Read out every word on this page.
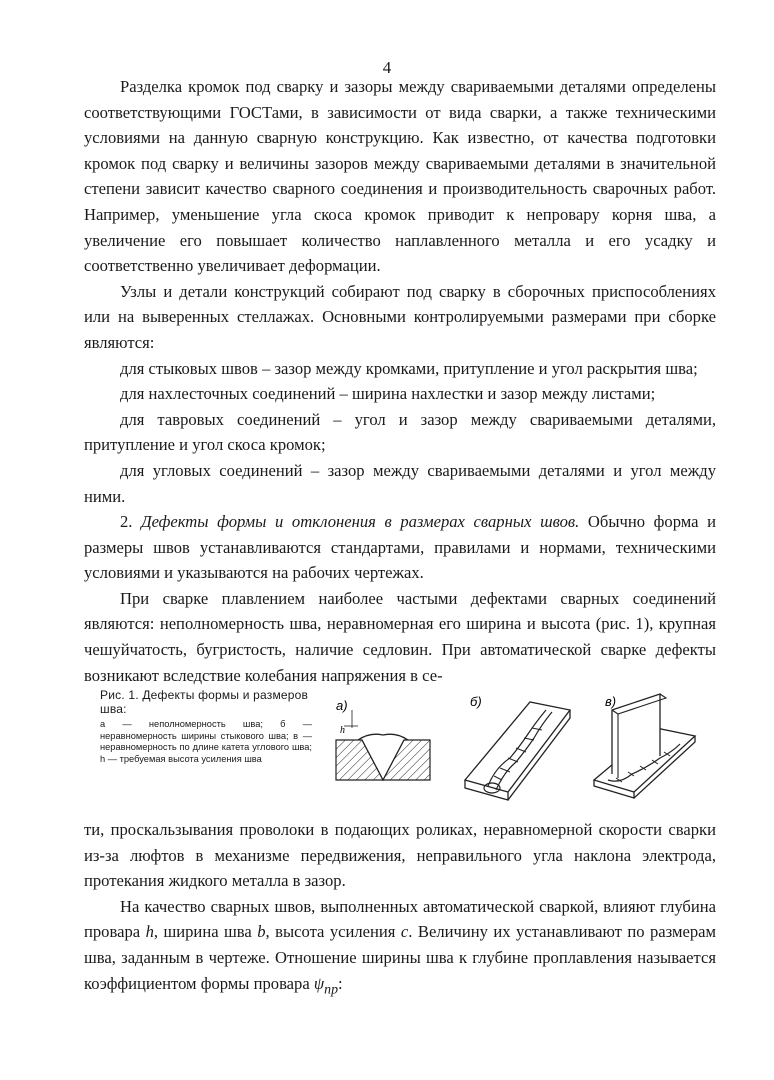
4

Разделка кромок под сварку и зазоры между свариваемыми деталями определены соответствующими ГОСТами, в зависимости от вида сварки, а также техническими условиями на данную сварную конструкцию. Как известно, от качества подготовки кромок под сварку и величины зазоров между свариваемыми деталями в значительной степени зависит качество сварного соединения и производительность сварочных работ. Например, уменьшение угла скоса кромок приводит к непровару корня шва, а увеличение его повышает количество наплавленного металла и его усадку и соответственно увеличивает деформации.

Узлы и детали конструкций собирают под сварку в сборочных приспособлениях или на выверенных стеллажах. Основными контролируемыми размерами при сборке являются:

для стыковых швов – зазор между кромками, притупление и угол раскрытия шва;

для нахлесточных соединений – ширина нахлестки и зазор между листами;

для тавровых соединений – угол и зазор между свариваемыми деталями, притупление и угол скоса кромок;

для угловых соединений – зазор между свариваемыми деталями и угол между ними.

2. Дефекты формы и отклонения в размерах сварных швов. Обычно форма и размеры швов устанавливаются стандартами, правилами и нормами, техническими условиями и указываются на рабочих чертежах.

При сварке плавлением наиболее частыми дефектами сварных соединений являются: неполномерность шва, неравномерная его ширина и высота (рис. 1), крупная чешуйчатость, бугристость, наличие седловин. При автоматической сварке дефекты возникают вследствие колебания напряжения в се-

Рис. 1. Дефекты формы и размеров шва:
а — неполномерность шва; б — неравномерность ширины стыкового шва; в — неравномерность по длине катета углового шва; h — требуемая высота усиления шва
а)
h
б)	в)

ти, проскальзывания проволоки в подающих роликах, неравномерной скорости сварки из-за люфтов в механизме передвижения, неправильного угла наклона электрода, протекания жидкого металла в зазор.

На качество сварных швов, выполненных автоматической сваркой, влияют глубина провара h, ширина шва b, высота усиления c. Величину их устанавливают по размерам шва, заданным в чертеже. Отношение ширины шва к глубине проплавления называется коэффициентом формы провара $\psi_{пр}$:
